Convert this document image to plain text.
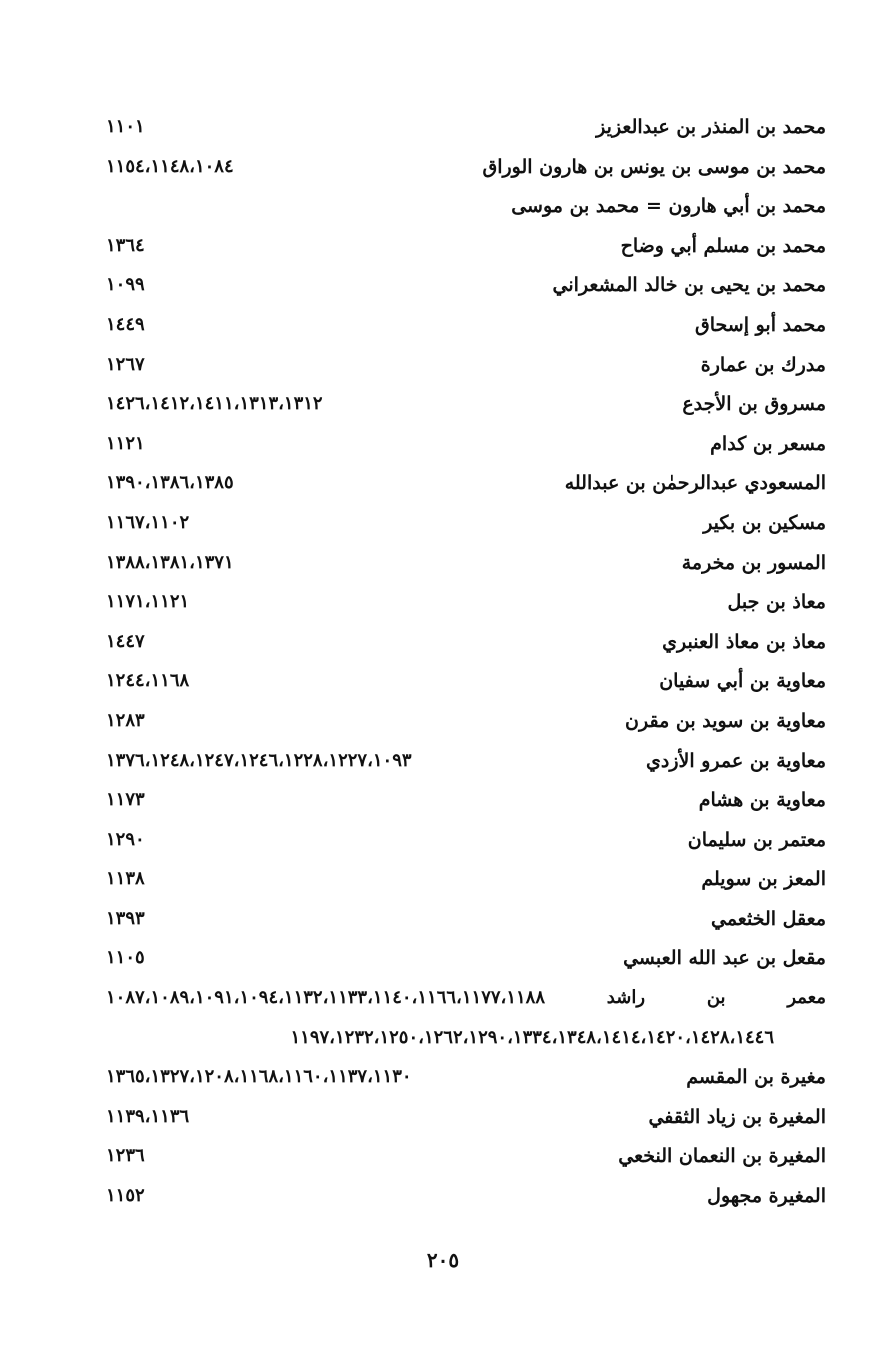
محمد بن المنذر بن عبدالعزيز
١١٠١
محمد بن موسى بن يونس بن هارون الوراق
١١٥٤،١١٤٨،١٠٨٤
محمد بن أبي هارون = محمد بن موسى
محمد بن مسلم أبي وضاح
١٣٦٤
محمد بن يحيى بن خالد المشعراني
١٠٩٩
محمد أبو إسحاق
١٤٤٩
مدرك بن عمارة
١٢٦٧
مسروق بن الأجدع
١٤٢٦،١٤١٢،١٤١١،١٣١٣،١٣١٢
مسعر بن كدام
١١٢١
المسعودي عبدالرحمٰن بن عبدالله
١٣٩٠،١٣٨٦،١٣٨٥
مسكين بن بكير
١١٦٧،١١٠٢
المسور بن مخرمة
١٣٨٨،١٣٨١،١٣٧١
معاذ بن جبل
١١٧١،١١٢١
معاذ بن معاذ العنبري
١٤٤٧
معاوية بن أبي سفيان
١٢٤٤،١١٦٨
معاوية بن سويد بن مقرن
١٢٨٣
معاوية بن عمرو الأزدي
١٣٧٦،١٢٤٨،١٢٤٧،١٢٤٦،١٢٢٨،١٢٢٧،١٠٩٣
معاوية بن هشام
١١٧٣
معتمر بن سليمان
١٢٩٠
المعز بن سويلم
١١٣٨
معقل الخثعمي
١٣٩٣
مقعل بن عبد الله العبسي
١١٠٥
معمر بن راشد ١٠٨٧،١٠٨٩،١٠٩١،١٠٩٤،١١٣٢،١١٣٣،١١٤٠،١١٦٦،١١٧٧،١١٨٨
١١٩٧،١٢٣٢،١٢٥٠،١٢٦٢،١٢٩٠،١٣٣٤،١٣٤٨،١٤١٤،١٤٢٠،١٤٢٨،١٤٤٦
مغيرة بن المقسم
١٣٦٥،١٣٢٧،١٢٠٨،١١٦٨،١١٦٠،١١٣٧،١١٣٠
المغيرة بن زياد الثقفي
١١٣٩،١١٣٦
المغيرة بن النعمان النخعي
١٢٣٦
المغيرة مجهول
١١٥٢
٢٠٥
